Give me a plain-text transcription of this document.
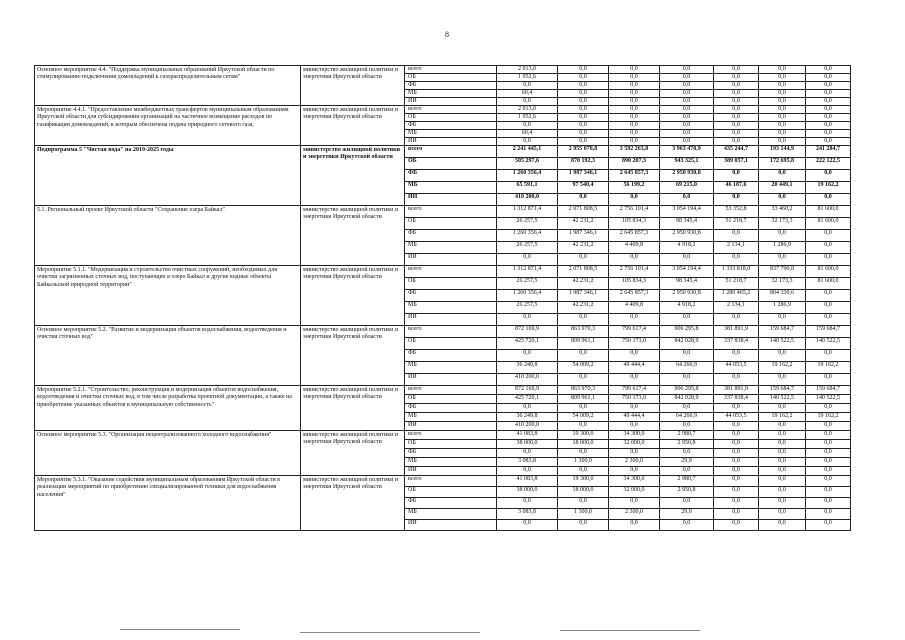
8
Основное мероприятие 4.4. "Поддержка муниципальных образований Иркутской области по стимулированию подключения домовладений к газораспределительным сетям"	министерство жилищной политики и энергетики Иркутской области	всего	2 013,0	0,0	0,0	0,0	0,0	0,0	0,0
		ОБ	1 952,6	0,0	0,0	0,0	0,0	0,0	0,0
		ФБ	0,0	0,0	0,0	0,0	0,0	0,0	0,0
		МБ	60,4	0,0	0,0	0,0	0,0	0,0	0,0
		ИИ	0,0	0,0	0,0	0,0	0,0	0,0	0,0
Мероприятие 4.4.1. "Предоставление межбюджетных трансфертов муниципальным образованиям Иркутской области для субсидирования организаций на частичное возмещение расходов по газификации домовладений, к которым обеспечена подача природного сетевого газа,	министерство жилищной политики и энергетики Иркутской области	всего	2 013,0	0,0	0,0	0,0	0,0	0,0	0,0
		ОБ	1 952,6	0,0	0,0	0,0	0,0	0,0	0,0
		ФБ	0,0	0,0	0,0	0,0	0,0	0,0	0,0
		МБ	60,4	0,0	0,0	0,0	0,0	0,0	0,0
		ИИ	0,0	0,0	0,0	0,0	0,0	0,0	0,0
Подпрограмма 5 "Чистая вода" на 2019-2025 годы	министерство жилищной политики и энергетики Иркутской области	всего	2 241 445,1	2 955 078,8	3 592 263,8	3 963 470,9	435 244,7	193 144,9	241 284,7
		ОБ	505 297,6	870 192,3	890 207,3	943 325,1	389 057,1	172 695,8	222 122,5
		ФБ	1 260 356,4	1 987 346,1	2 645 857,3	2 950 930,8	0,0	0,0	0,0
		МБ	65 591,1	97 540,4	56 199,2	69 215,0	46 187,6	20 449,1	19 162,2
		ИИ	410 200,0	0,0	0,0	0,0	0,0	0,0	0,0
5.1. Региональный проект Иркутской области "Сохранение озера Байкал"	министерство жилищной политики и энергетики Иркутской области	всего	1 312 871,4	2 071 808,5	2 756 101,4	3 054 194,4	53 352,8	33 460,2	81 600,0
		ОБ	26 257,5	42 231,2	105 834,3	98 345,4	51 218,7	32 173,3	81 600,0
		ФБ	1 260 356,4	1 987 346,1	2 645 857,3	2 950 930,8	0,0	0,0	0,0
		МБ	26 257,5	42 231,2	4 409,8	4 918,2	2 134,1	1 286,9	0,0
		ИИ	0,0	0,0	0,0	0,0	0,0	0,0	0,0
Мероприятие 5.1.1. "Модернизация и строительство очистных сооружений, необходимых для очистки загрязненных сточных вод, поступающих в озеро Байкал и другие водные объекты Байкальской природной территории"	министерство жилищной политики и энергетики Иркутской области	всего	1 312 871,4	2 071 808,5	2 756 101,4	3 054 194,4	1 333 818,0	837 790,8	81 600,0
		ОБ	26 257,5	42 231,2	105 834,3	98 345,4	51 218,7	32 173,3	81 600,0
		ФБ	1 260 356,4	1 987 346,1	2 645 857,3	2 950 930,8	1 280 465,2	804 330,6	0,0
		МБ	26 257,5	42 231,2	4 409,8	4 918,2	2 134,1	1 286,9	0,0
		ИИ	0,0	0,0	0,0	0,0	0,0	0,0	0,0
Основное мероприятие 5.2. "Развитие и модернизация объектов водоснабжения, водоотведения и очистки сточных вод"	министерство жилищной политики и энергетики Иркутской области	всего	872 169,9	863 970,3	799 617,4	906 295,8	381 891,9	159 684,7	159 684,7
		ОБ	425 720,1	809 961,1	750 173,0	842 028,9	337 838,4	140 522,5	140 522,5
		ФБ	0,0	0,0	0,0	0,0	0,0	0,0	0,0
		МБ	36 249,8	54 009,2	49 444,4	64 266,9	44 053,5	19 162,2	19 162,2
		ИИ	410 200,0	0,0	0,0	0,0	0,0	0,0	0,0
Мероприятие 5.2.1. "Строительство, реконструкция и модернизация объектов водоснабжения, водоотведения и очистки сточных вод, в том числе разработка проектной документации, а также на приобретение указанных объектов в муниципальную собственность"	министерство жилищной политики и энергетики Иркутской области	всего	872 169,9	863 970,3	799 617,4	906 295,8	381 891,9	159 684,7	159 684,7
		ОБ	425 720,1	809 961,1	750 173,0	842 028,9	337 838,4	140 522,5	140 522,5
		ФБ	0,0	0,0	0,0	0,0	0,0	0,0	0,0
		МБ	36 249,8	54 009,2	49 444,4	64 266,9	44 053,5	19 162,2	19 162,2
		ИИ	410 200,0	0,0	0,0	0,0	0,0	0,0	0,0
Основное мероприятие 5.3. "Организация нецентрализованного холодного водоснабжения"	министерство жилищной политики и энергетики Иркутской области	всего	41 083,8	19 300,0	34 300,0	2 980,7	0,0	0,0	0,0
		ОБ	38 000,0	18 000,0	32 000,0	2 950,8	0,0	0,0	0,0
		ФБ	0,0	0,0	0,0	0,0	0,0	0,0	0,0
		МБ	3 083,8	1 300,0	2 300,0	29,9	0,0	0,0	0,0
		ИИ	0,0	0,0	0,0	0,0	0,0	0,0	0,0
Мероприятие 5.3.1. "Оказание содействия муниципальным образованиям Иркутской области в реализации мероприятий по приобретению специализированной техники для водоснабжения населения"	министерство жилищной политики и энергетики Иркутской области	всего	41 083,8	19 300,0	34 300,0	2 980,7	0,0	0,0	0,0
		ОБ	38 000,0	18 000,0	32 000,0	2 950,8	0,0	0,0	0,0
		ФБ	0,0	0,0	0,0	0,0	0,0	0,0	0,0
		МБ	3 083,8	1 300,0	2 300,0	29,9	0,0	0,0	0,0
		ИИ	0,0	0,0	0,0	0,0	0,0	0,0	0,0
